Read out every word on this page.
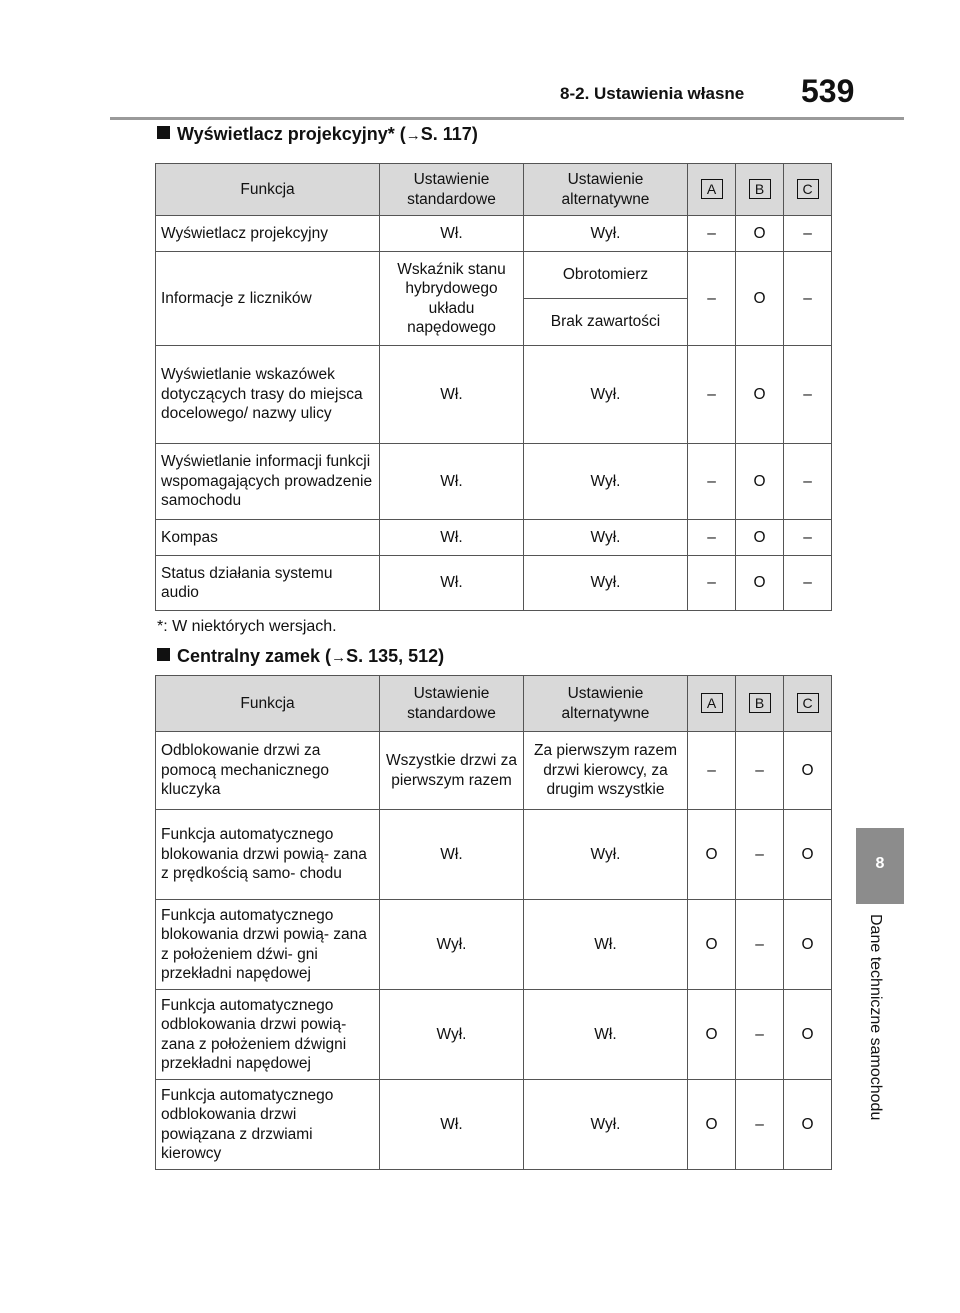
8-2. Ustawienia własne 539
8
Dane techniczne samochodu
Wyświetlacz projekcyjny* (→S. 117)
Funkcja	Ustawienie standardowe	Ustawienie alternatywne	A	B	C
Wyświetlacz projekcyjny	Wł.	Wył.	–	O	–
Informacje z liczników	Wskaźnik stanu hybrydowego układu napędowego	Obrotomierz	–	O	–
		Brak zawartości			
Wyświetlanie wskazówek dotyczących trasy do miejsca docelowego/ nazwy ulicy	Wł.	Wył.	–	O	–
Wyświetlanie informacji funkcji wspomagających prowadzenie samochodu	Wł.	Wył.	–	O	–
Kompas	Wł.	Wył.	–	O	–
Status działania systemu audio	Wł.	Wył.	–	O	–
*: W niektórych wersjach.
Centralny zamek (→S. 135, 512)
Funkcja	Ustawienie standardowe	Ustawienie alternatywne	A	B	C
Odblokowanie drzwi za pomocą mechanicznego kluczyka	Wszystkie drzwi za pierwszym razem	Za pierwszym razem drzwi kierowcy, za drugim wszystkie	–	–	O
Funkcja automatycznego blokowania drzwi powią- zana z prędkością samo- chodu	Wł.	Wył.	O	–	O
Funkcja automatycznego blokowania drzwi powią- zana z położeniem dźwi- gni przekładni napędowej	Wył.	Wł.	O	–	O
Funkcja automatycznego odblokowania drzwi powią- zana z położeniem dźwigni przekładni napędowej	Wył.	Wł.	O	–	O
Funkcja automatycznego odblokowania drzwi powiązana z drzwiami kierowcy	Wł.	Wył.	O	–	O
